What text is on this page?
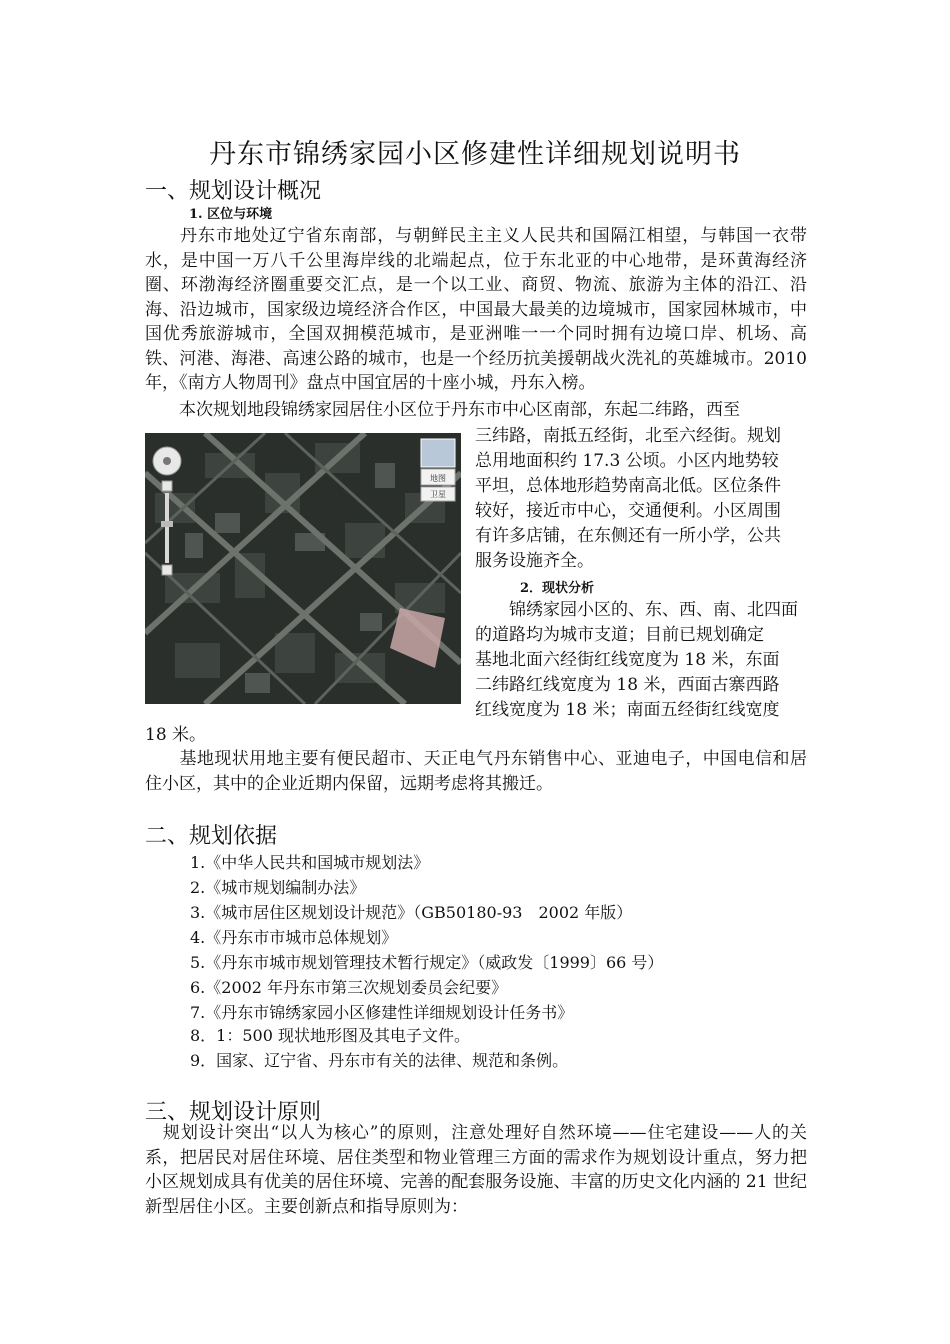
丹东市锦绣家园小区修建性详细规划说明书
一、规划设计概况
1. 区位与环境
丹东市地处辽宁省东南部，与朝鲜民主主义人民共和国隔江相望，与韩国一衣带水，是中国一万八千公里海岸线的北端起点，位于东北亚的中心地带，是环黄海经济圈、环渤海经济圈重要交汇点，是一个以工业、商贸、物流、旅游为主体的沿江、沿海、沿边城市，国家级边境经济合作区，中国最大最美的边境城市，国家园林城市，中国优秀旅游城市，全国双拥模范城市，是亚洲唯一一个同时拥有边境口岸、机场、高铁、河港、海港、高速公路的城市，也是一个经历抗美援朝战火洗礼的英雄城市。2010 年，《南方人物周刊》盘点中国宜居的十座小城，丹东入榜。
本次规划地段锦绣家园居住小区位于丹东市中心区南部，东起二纬路，西至
三纬路，南抵五经街，北至六经街。规划
总用地面积约 17.3 公顷。小区内地势较
平坦，总体地形趋势南高北低。区位条件
较好，接近市中心，交通便利。小区周围
有许多店铺，在东侧还有一所小学，公共
服务设施齐全。
2．现状分析
锦绣家园小区的、东、西、南、北四面
的道路均为城市支道；目前已规划确定
基地北面六经街红线宽度为 18 米，东面
二纬路红线宽度为 18 米，西面古寨西路
红线宽度为 18 米；南面五经街红线宽度
18 米。
地图
卫星
基地现状用地主要有便民超市、天正电气丹东销售中心、亚迪电子，中国电信和居住小区，其中的企业近期内保留，远期考虑将其搬迁。
二、规划依据
1.《中华人民共和国城市规划法》
2.《城市规划编制办法》
3.《城市居住区规划设计规范》（GB50180-93　2002 年版）
4.《丹东市市城市总体规划》
5.《丹东市城市规划管理技术暂行规定》（威政发〔1999〕66 号）
6.《2002 年丹东市第三次规划委员会纪要》
7.《丹东市锦绣家园小区修建性详细规划设计任务书》
8．1：500 现状地形图及其电子文件。
9．国家、辽宁省、丹东市有关的法律、规范和条例。
三、规划设计原则
规划设计突出“以人为核心”的原则，注意处理好自然环境——住宅建设——人的关系，把居民对居住环境、居住类型和物业管理三方面的需求作为规划设计重点，努力把小区规划成具有优美的居住环境、完善的配套服务设施、丰富的历史文化内涵的 21 世纪新型居住小区。主要创新点和指导原则为：
